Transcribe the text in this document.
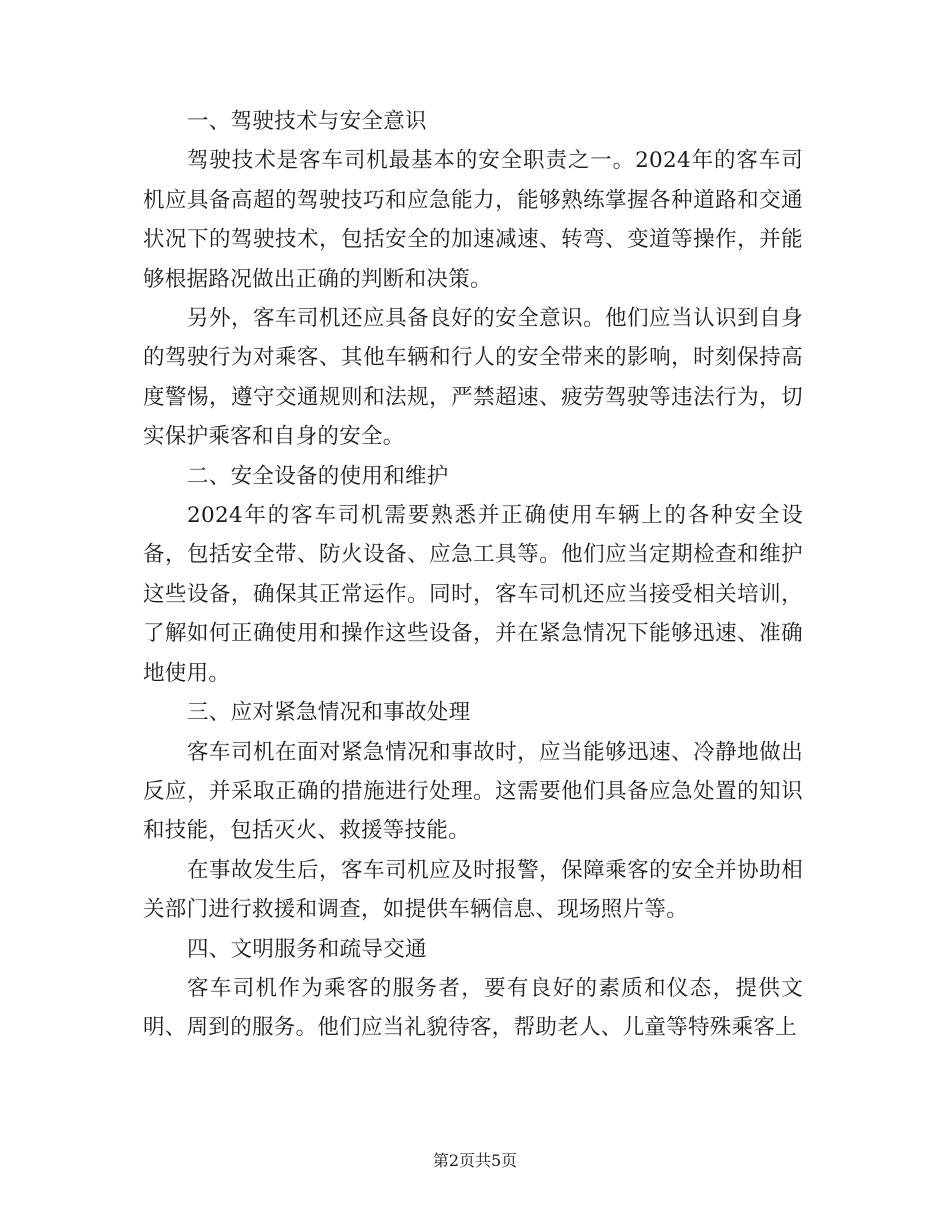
一、驾驶技术与安全意识

驾驶技术是客车司机最基本的安全职责之一。2024年的客车司机应具备高超的驾驶技巧和应急能力，能够熟练掌握各种道路和交通状况下的驾驶技术，包括安全的加速减速、转弯、变道等操作，并能够根据路况做出正确的判断和决策。

另外，客车司机还应具备良好的安全意识。他们应当认识到自身的驾驶行为对乘客、其他车辆和行人的安全带来的影响，时刻保持高度警惕，遵守交通规则和法规，严禁超速、疲劳驾驶等违法行为，切实保护乘客和自身的安全。

二、安全设备的使用和维护

2024年的客车司机需要熟悉并正确使用车辆上的各种安全设备，包括安全带、防火设备、应急工具等。他们应当定期检查和维护这些设备，确保其正常运作。同时，客车司机还应当接受相关培训，了解如何正确使用和操作这些设备，并在紧急情况下能够迅速、准确地使用。

三、应对紧急情况和事故处理

客车司机在面对紧急情况和事故时，应当能够迅速、冷静地做出反应，并采取正确的措施进行处理。这需要他们具备应急处置的知识和技能，包括灭火、救援等技能。

在事故发生后，客车司机应及时报警，保障乘客的安全并协助相关部门进行救援和调查，如提供车辆信息、现场照片等。

四、文明服务和疏导交通

客车司机作为乘客的服务者，要有良好的素质和仪态，提供文明、周到的服务。他们应当礼貌待客，帮助老人、儿童等特殊乘客上

第2页共5页
